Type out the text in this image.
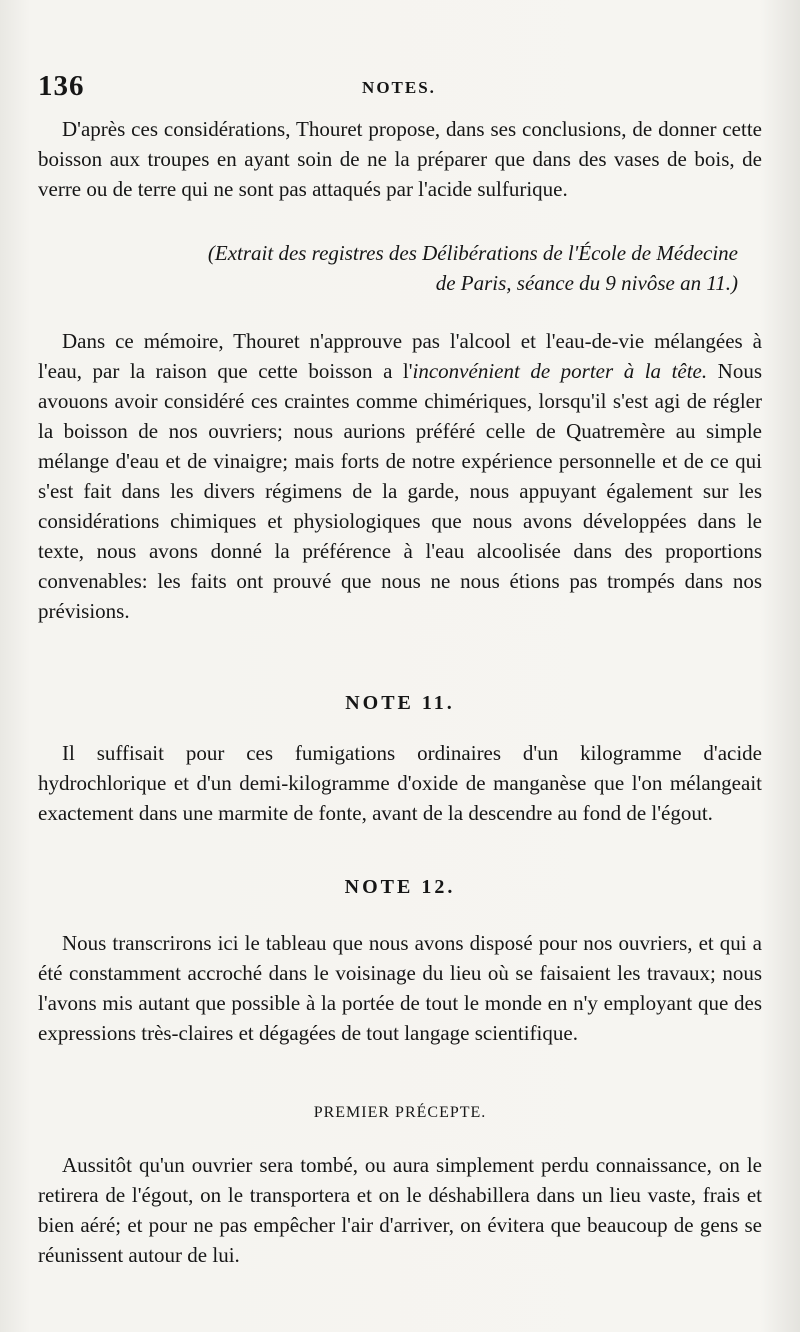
136	NOTES.

D'après ces considérations, Thouret propose, dans ses conclusions, de donner cette boisson aux troupes en ayant soin de ne la préparer que dans des vases de bois, de verre ou de terre qui ne sont pas attaqués par l'acide sulfurique.

(Extrait des registres des Délibérations de l'École de Médecine
de Paris, séance du 9 nivôse an 11.)

Dans ce mémoire, Thouret n'approuve pas l'alcool et l'eau-de-vie mélangées à l'eau, par la raison que cette boisson a l'inconvénient de porter à la tête. Nous avouons avoir considéré ces craintes comme chimériques, lorsqu'il s'est agi de régler la boisson de nos ouvriers; nous aurions préféré celle de Quatremère au simple mélange d'eau et de vinaigre; mais forts de notre expérience personnelle et de ce qui s'est fait dans les divers régimens de la garde, nous appuyant également sur les considérations chimiques et physiologiques que nous avons développées dans le texte, nous avons donné la préférence à l'eau alcoolisée dans des proportions convenables: les faits ont prouvé que nous ne nous étions pas trompés dans nos prévisions.

NOTE 11.

Il suffisait pour ces fumigations ordinaires d'un kilogramme d'acide hydrochlorique et d'un demi-kilogramme d'oxide de manganèse que l'on mélangeait exactement dans une marmite de fonte, avant de la descendre au fond de l'égout.

NOTE 12.

Nous transcrirons ici le tableau que nous avons disposé pour nos ouvriers, et qui a été constamment accroché dans le voisinage du lieu où se faisaient les travaux; nous l'avons mis autant que possible à la portée de tout le monde en n'y employant que des expressions très-claires et dégagées de tout langage scientifique.

PREMIER PRÉCEPTE.

Aussitôt qu'un ouvrier sera tombé, ou aura simplement perdu connaissance, on le retirera de l'égout, on le transportera et on le déshabillera dans un lieu vaste, frais et bien aéré; et pour ne pas empêcher l'air d'arriver, on évitera que beaucoup de gens se réunissent autour de lui.
